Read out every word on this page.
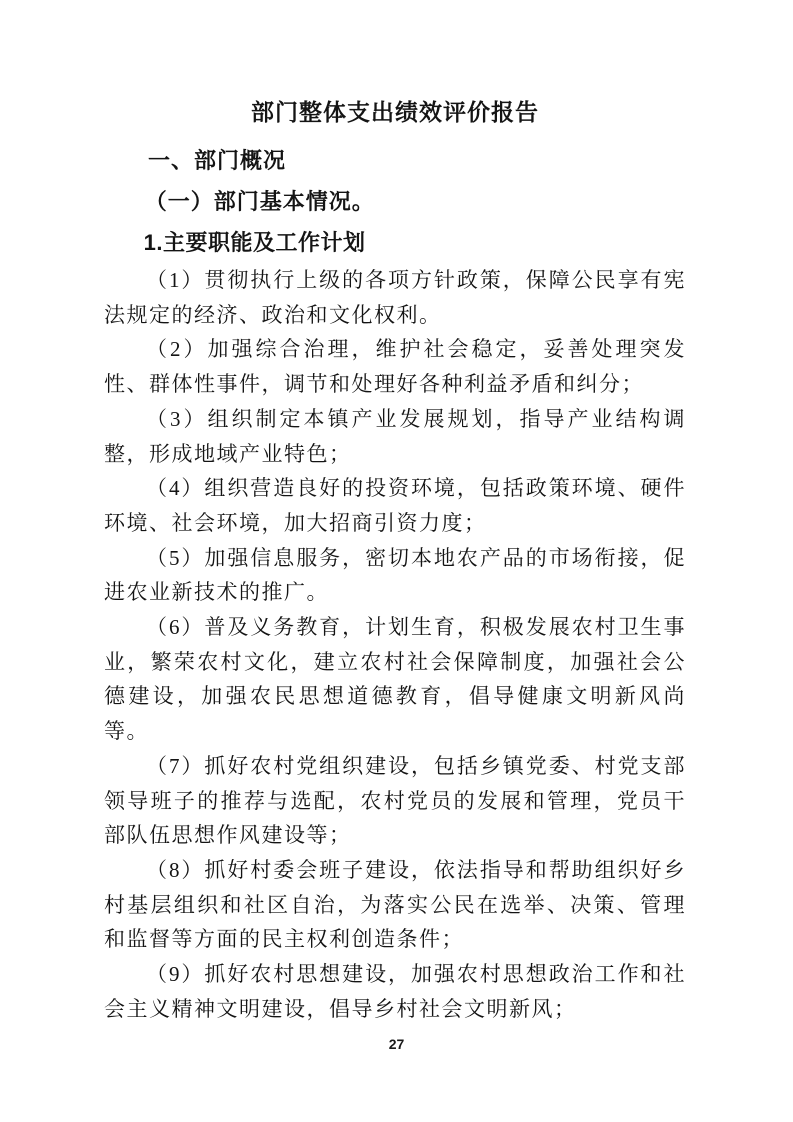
部门整体支出绩效评价报告
一、部门概况
（一）部门基本情况。
1.主要职能及工作计划

（1）贯彻执行上级的各项方针政策，保障公民享有宪法规定的经济、政治和文化权利。

（2）加强综合治理，维护社会稳定，妥善处理突发性、群体性事件，调节和处理好各种利益矛盾和纠分；

（3）组织制定本镇产业发展规划，指导产业结构调整，形成地域产业特色；

（4）组织营造良好的投资环境，包括政策环境、硬件环境、社会环境，加大招商引资力度；

（5）加强信息服务，密切本地农产品的市场衔接，促进农业新技术的推广。

（6）普及义务教育，计划生育，积极发展农村卫生事业，繁荣农村文化，建立农村社会保障制度，加强社会公德建设，加强农民思想道德教育，倡导健康文明新风尚等。

（7）抓好农村党组织建设，包括乡镇党委、村党支部领导班子的推荐与选配，农村党员的发展和管理，党员干部队伍思想作风建设等；

（8）抓好村委会班子建设，依法指导和帮助组织好乡村基层组织和社区自治，为落实公民在选举、决策、管理和监督等方面的民主权利创造条件；

（9）抓好农村思想建设，加强农村思想政治工作和社会主义精神文明建设，倡导乡村社会文明新风；

27
